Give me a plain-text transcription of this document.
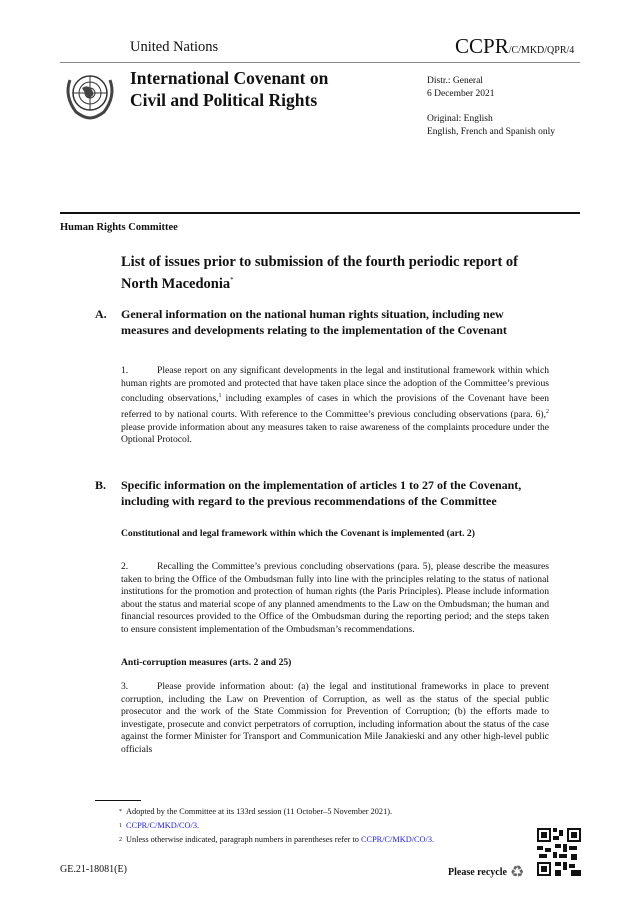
United Nations	CCPR/C/MKD/QPR/4
International Covenant on
Civil and Political Rights
Distr.: General
6 December 2021
Original: English
English, French and Spanish only
Human Rights Committee
List of issues prior to submission of the fourth periodic report of North Macedonia*
A. General information on the national human rights situation, including new measures and developments relating to the implementation of the Covenant
1.	Please report on any significant developments in the legal and institutional framework within which human rights are promoted and protected that have taken place since the adoption of the Committee’s previous concluding observations,$^1$ including examples of cases in which the provisions of the Covenant have been referred to by national courts. With reference to the Committee’s previous concluding observations (para. 6),$^2$ please provide information about any measures taken to raise awareness of the complaints procedure under the Optional Protocol.
B. Specific information on the implementation of articles 1 to 27 of the Covenant, including with regard to the previous recommendations of the Committee
Constitutional and legal framework within which the Covenant is implemented (art. 2)
2.	Recalling the Committee’s previous concluding observations (para. 5), please describe the measures taken to bring the Office of the Ombudsman fully into line with the principles relating to the status of national institutions for the promotion and protection of human rights (the Paris Principles). Please include information about the status and material scope of any planned amendments to the Law on the Ombudsman; the human and financial resources provided to the Office of the Ombudsman during the reporting period; and the steps taken to ensure consistent implementation of the Ombudsman’s recommendations.
Anti-corruption measures (arts. 2 and 25)
3.	Please provide information about: (a) the legal and institutional frameworks in place to prevent corruption, including the Law on Prevention of Corruption, as well as the status of the special public prosecutor and the work of the State Commission for Prevention of Corruption; (b) the efforts made to investigate, prosecute and convict perpetrators of corruption, including information about the status of the case against the former Minister for Transport and Communication Mile Janakieski and any other high-level public officials
* Adopted by the Committee at its 133rd session (11 October–5 November 2021).
1 CCPR/C/MKD/CO/3.
2 Unless otherwise indicated, paragraph numbers in parentheses refer to CCPR/C/MKD/CO/3.
GE.21-18081(E)	Please recycle ♻
